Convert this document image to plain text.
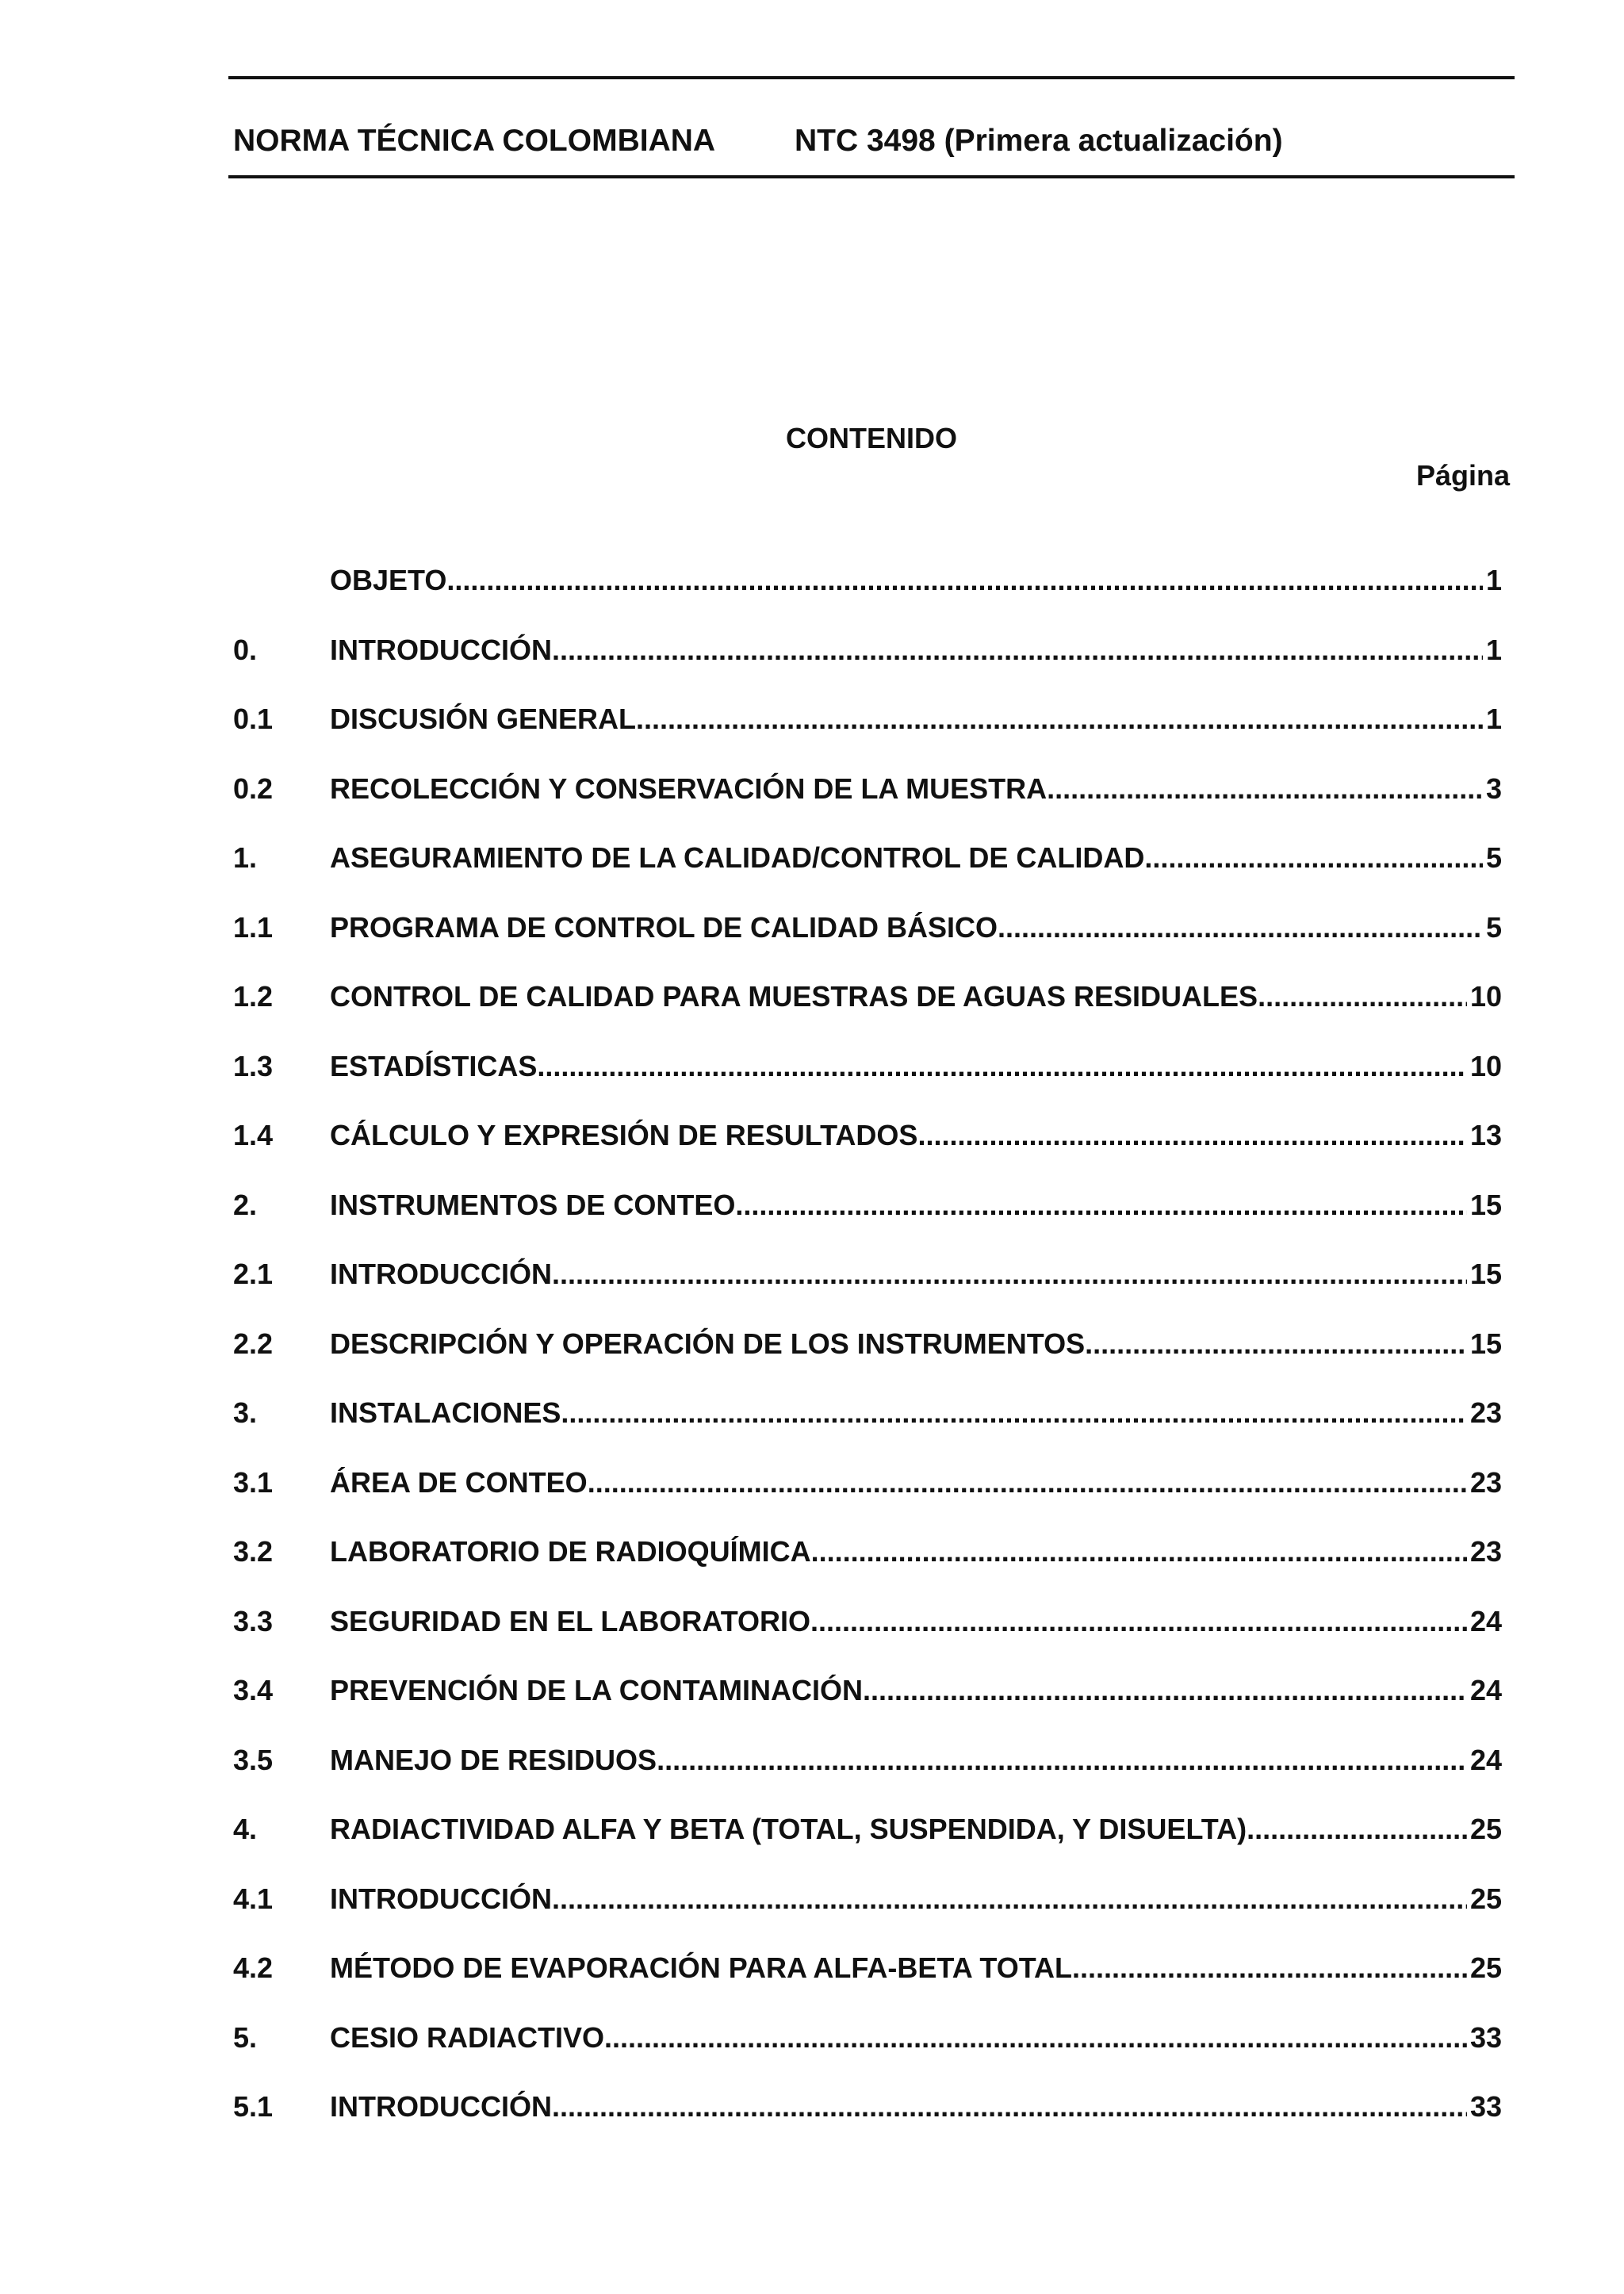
NORMA TÉCNICA COLOMBIANA	NTC 3498 (Primera actualización)
CONTENIDO
Página
OBJETO .....	1
0.	INTRODUCCIÓN .....	1
0.1	DISCUSIÓN GENERAL .....	1
0.2	RECOLECCIÓN Y CONSERVACIÓN DE LA MUESTRA .....	3
1.	ASEGURAMIENTO DE LA CALIDAD/CONTROL DE CALIDAD .....	5
1.1	PROGRAMA DE CONTROL DE CALIDAD BÁSICO .....	5
1.2	CONTROL DE CALIDAD PARA MUESTRAS DE AGUAS RESIDUALES .....	10
1.3	ESTADÍSTICAS .....	10
1.4	CÁLCULO Y EXPRESIÓN DE RESULTADOS .....	13
2.	INSTRUMENTOS DE CONTEO .....	15
2.1	INTRODUCCIÓN .....	15
2.2	DESCRIPCIÓN Y OPERACIÓN DE LOS INSTRUMENTOS .....	15
3.	INSTALACIONES .....	23
3.1	ÁREA DE CONTEO .....	23
3.2	LABORATORIO DE RADIOQUÍMICA .....	23
3.3	SEGURIDAD EN EL LABORATORIO .....	24
3.4	PREVENCIÓN DE LA CONTAMINACIÓN .....	24
3.5	MANEJO DE RESIDUOS .....	24
4.	RADIACTIVIDAD ALFA Y BETA (TOTAL, SUSPENDIDA, Y DISUELTA) .....	25
4.1	INTRODUCCIÓN .....	25
4.2	MÉTODO DE EVAPORACIÓN PARA ALFA-BETA TOTAL .....	25
5.	CESIO RADIACTIVO .....	33
5.1	INTRODUCCIÓN .....	33
